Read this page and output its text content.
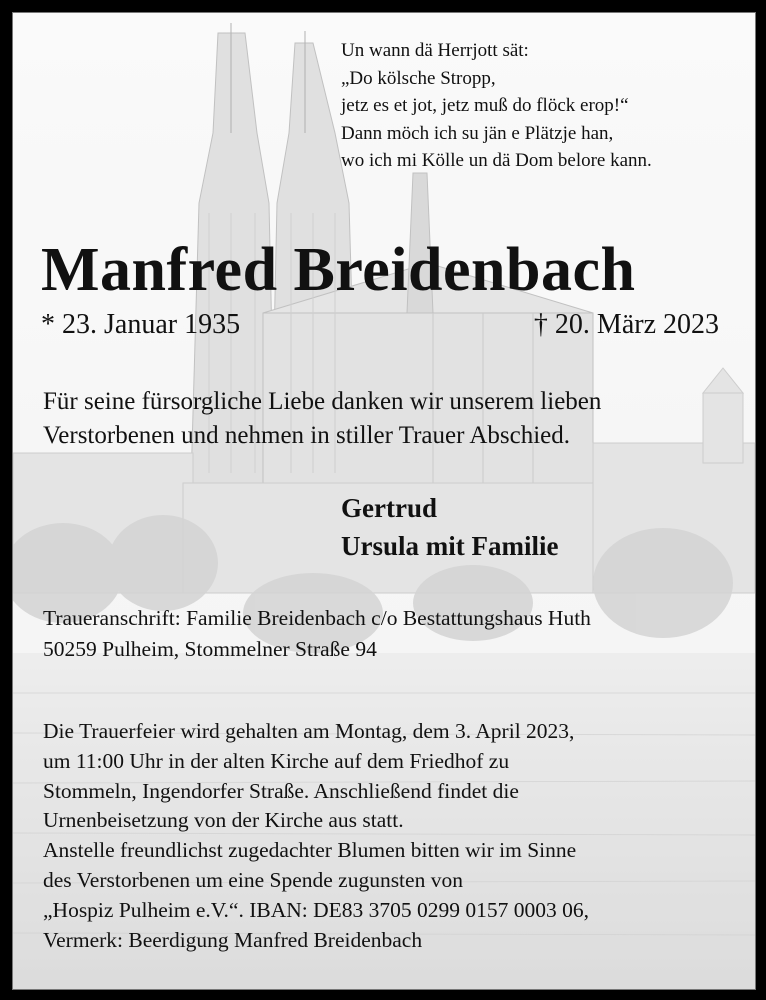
Un wann dä Herrjott sät:
„Do kölsche Stropp,
jetz es et jot, jetz muß do flöck erop!“
Dann möch ich su jän e Plätzje han,
wo ich mi Kölle un dä Dom belore kann.
Manfred Breidenbach
* 23. Januar 1935	† 20. März 2023
Für seine fürsorgliche Liebe danken wir unserem lieben
Verstorbenen und nehmen in stiller Trauer Abschied.
Gertrud
Ursula mit Familie
Traueranschrift: Familie Breidenbach c/o Bestattungshaus Huth
50259 Pulheim, Stommelner Straße 94
Die Trauerfeier wird gehalten am Montag, dem 3. April 2023,
um 11:00 Uhr in der alten Kirche auf dem Friedhof zu
Stommeln, Ingendorfer Straße. Anschließend findet die
Urnenbeisetzung von der Kirche aus statt.
Anstelle freundlichst zugedachter Blumen bitten wir im Sinne
des Verstorbenen um eine Spende zugunsten von
„Hospiz Pulheim e.V.“. IBAN: DE83 3705 0299 0157 0003 06,
Vermerk: Beerdigung Manfred Breidenbach
